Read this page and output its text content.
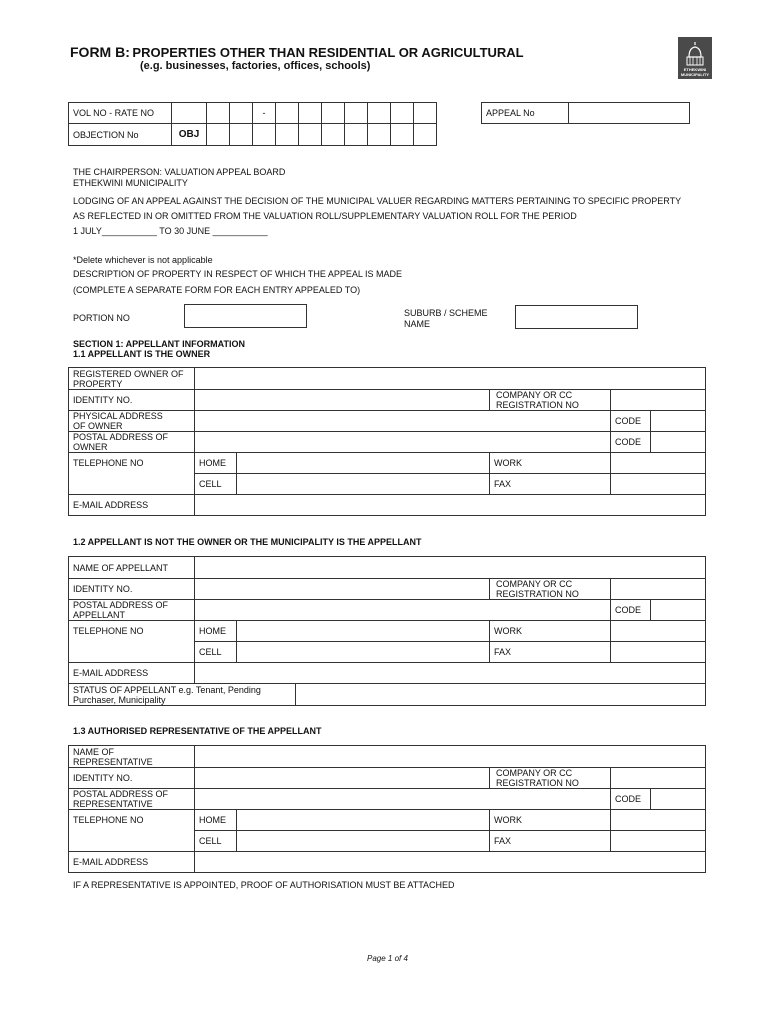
FORM B: PROPERTIES OTHER THAN RESIDENTIAL OR AGRICULTURAL
(e.g. businesses, factories, offices, schools)	ETHEKWINI MUNICIPALITY
VOL NO - RATE NO				-							
OBJECTION No	OBJ										
APPEAL No	
THE CHAIRPERSON: VALUATION APPEAL BOARD
ETHEKWINI MUNICIPALITY
LODGING OF AN APPEAL AGAINST THE DECISION OF THE MUNICIPAL VALUER REGARDING MATTERS PERTAINING TO SPECIFIC PROPERTY
AS REFLECTED IN OR OMITTED FROM THE VALUATION ROLL/SUPPLEMENTARY VALUATION ROLL FOR THE PERIOD
1 JULY___________ TO 30 JUNE ___________
*Delete whichever is not applicable
DESCRIPTION OF PROPERTY IN RESPECT OF WHICH THE APPEAL IS MADE
(COMPLETE A SEPARATE FORM FOR EACH ENTRY APPEALED TO)
PORTION NO	SUBURB / SCHEME
NAME
SECTION 1: APPELLANT INFORMATION
1.1 APPELLANT IS THE OWNER
REGISTERED OWNER OF
PROPERTY					
IDENTITY NO.			COMPANY OR CC
REGISTRATION NO		
PHYSICAL ADDRESS
OF OWNER				CODE	
POSTAL ADDRESS OF
OWNER				CODE	
TELEPHONE NO	HOME		WORK		
	CELL		FAX		
E-MAIL ADDRESS					
1.2 APPELLANT IS NOT THE OWNER OR THE MUNICIPALITY IS THE APPELLANT
NAME OF APPELLANT						
IDENTITY NO.				COMPANY OR CC
REGISTRATION NO		
POSTAL ADDRESS OF
APPELLANT					CODE	
TELEPHONE NO	HOME			WORK		
	CELL			FAX		
E-MAIL ADDRESS						
STATUS OF APPELLANT e.g. Tenant, Pending
Purchaser, Municipality						
1.3 AUTHORISED REPRESENTATIVE OF THE APPELLANT
NAME OF
REPRESENTATIVE					
IDENTITY NO.			COMPANY OR CC
REGISTRATION NO		
POSTAL ADDRESS OF
REPRESENTATIVE				CODE	
TELEPHONE NO	HOME		WORK		
	CELL		FAX		
E-MAIL ADDRESS					
IF A REPRESENTATIVE IS APPOINTED, PROOF OF AUTHORISATION MUST BE ATTACHED
Page 1 of 4
